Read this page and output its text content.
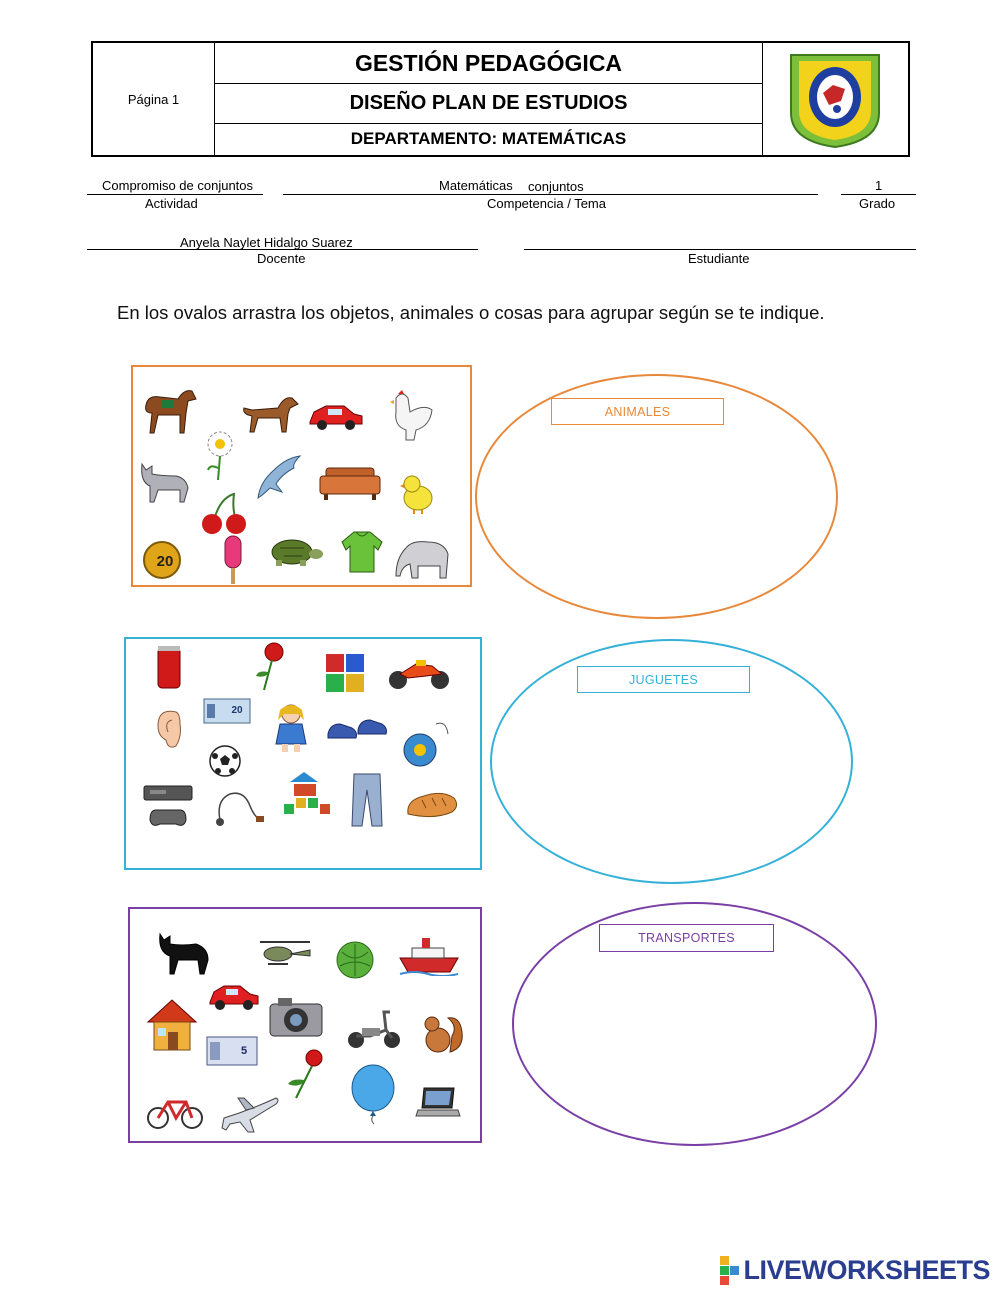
Página 1
GESTIÓN PEDAGÓGICA
DISEÑO PLAN DE ESTUDIOS
DEPARTAMENTO: MATEMÁTICAS
Compromiso de conjuntos
Actividad
Matemáticas conjuntos
Competencia / Tema
1
Grado
Anyela Naylet Hidalgo Suarez
Docente	Estudiante
En los ovalos arrastra los objetos, animales o cosas para agrupar según se te indique.
20
ANIMALES
20
JUGUETES
5
TRANSPORTES
LIVEWORKSHEETS
